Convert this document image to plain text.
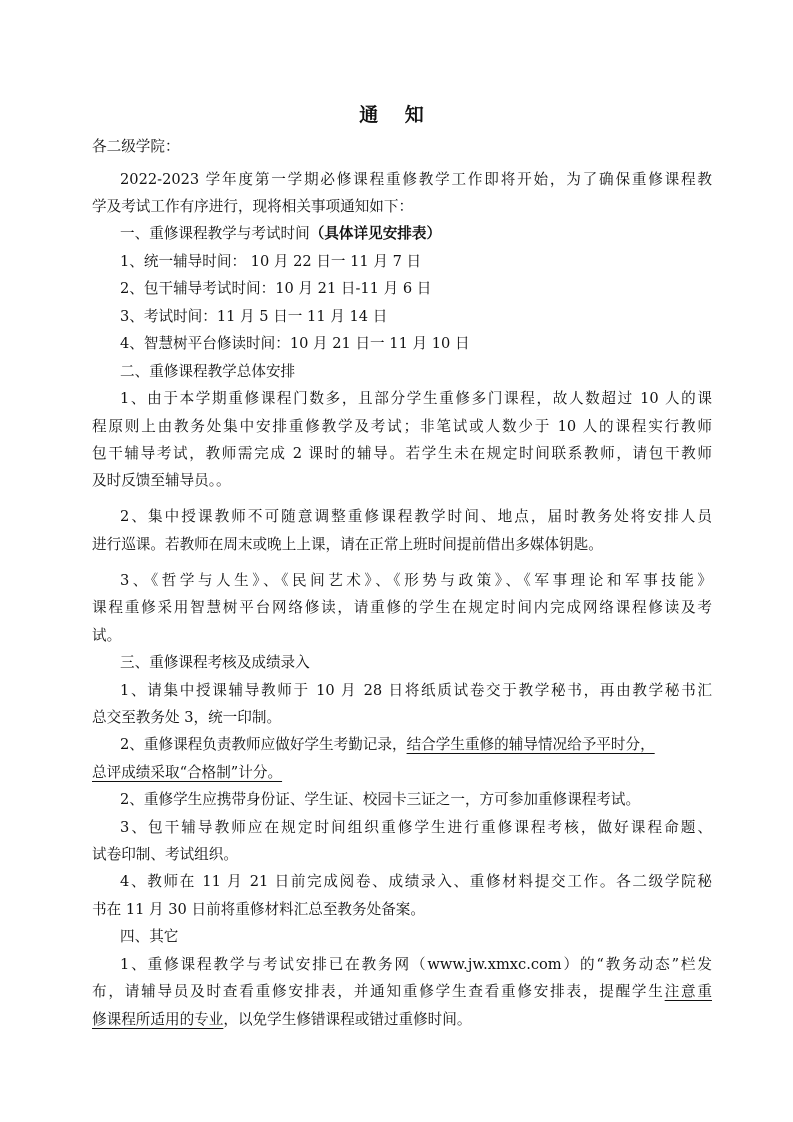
通 知
各二级学院：
2022-2023 学年度第一学期必修课程重修教学工作即将开始，为了确保重修课程教
学及考试工作有序进行，现将相关事项通知如下：
一、重修课程教学与考试时间（具体详见安排表）
1、统一辅导时间： 10 月 22 日一 11 月 7 日
2、包干辅导考试时间：10 月 21 日-11 月 6 日
3、考试时间：11 月 5 日一 11 月 14 日
4、智慧树平台修读时间：10 月 21 日一 11 月 10 日
二、重修课程教学总体安排
1、由于本学期重修课程门数多，且部分学生重修多门课程，故人数超过 10 人的课
程原则上由教务处集中安排重修教学及考试；非笔试或人数少于 10 人的课程实行教师
包干辅导考试，教师需完成 2 课时的辅导。若学生未在规定时间联系教师，请包干教师
及时反馈至辅导员。。
2、集中授课教师不可随意调整重修课程教学时间、地点，届时教务处将安排人员
进行巡课。若教师在周末或晚上上课，请在正常上班时间提前借出多媒体钥匙。
3、《哲学与人生》、《民间艺术》、《形势与政策》、《军事理论和军事技能》
课程重修采用智慧树平台网络修读，请重修的学生在规定时间内完成网络课程修读及考
试。
三、重修课程考核及成绩录入
1、请集中授课辅导教师于 10 月 28 日将纸质试卷交于教学秘书，再由教学秘书汇
总交至教务处 3，统一印制。
2、重修课程负责教师应做好学生考勤记录，结合学生重修的辅导情况给予平时分，
总评成绩采取“合格制”计分。
2、重修学生应携带身份证、学生证、校园卡三证之一，方可参加重修课程考试。
3、包干辅导教师应在规定时间组织重修学生进行重修课程考核，做好课程命题、
试卷印制、考试组织。
4、教师在 11 月 21 日前完成阅卷、成绩录入、重修材料提交工作。各二级学院秘
书在 11 月 30 日前将重修材料汇总至教务处备案。
四、其它
1、重修课程教学与考试安排已在教务网（www.jw.xmxc.com）的“教务动态”栏发
布，请辅导员及时查看重修安排表，并通知重修学生查看重修安排表，提醒学生注意重
修课程所适用的专业，以免学生修错课程或错过重修时间。
